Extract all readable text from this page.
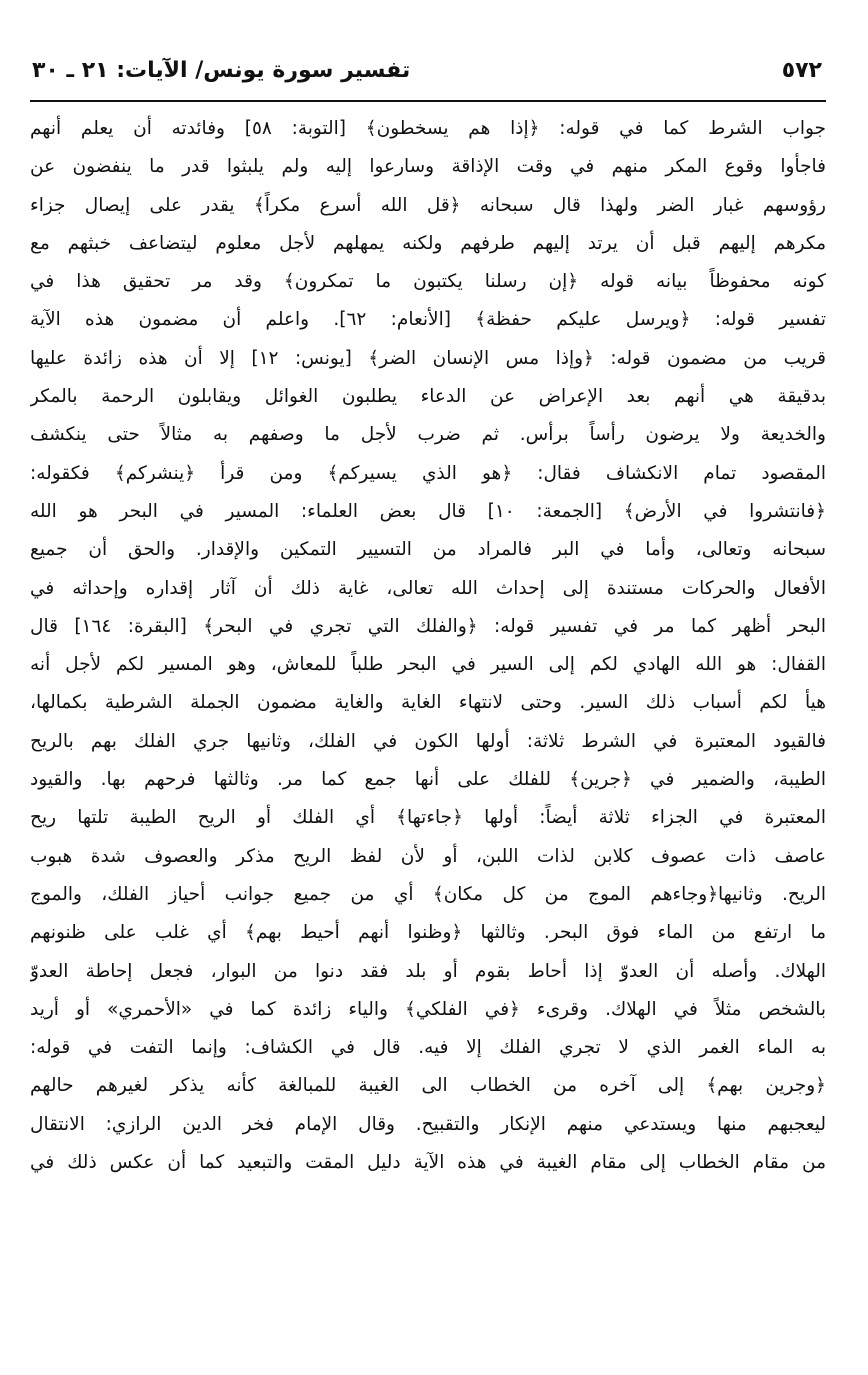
٥٧٢
تفسير سورة يونس/ الآيات: ٢١ ـ ٣٠
جواب الشرط كما في قوله: ﴿إذا هم يسخطون﴾ [التوبة: ٥٨] وفائدته أن يعلم أنهم
فاجأوا وقوع المكر منهم في وقت الإذاقة وسارعوا إليه ولم يلبثوا قدر ما ينفضون عن
رؤوسهم غبار الضر ولهذا قال سبحانه ﴿قل الله أسرع مكراً﴾ يقدر على إيصال جزاء
مكرهم إليهم قبل أن يرتد إليهم طرفهم ولكنه يمهلهم لأجل معلوم ليتضاعف خبثهم مع
كونه محفوظاً بيانه قوله ﴿إن رسلنا يكتبون ما تمكرون﴾ وقد مر تحقيق هذا في
تفسير قوله: ﴿ويرسل عليكم حفظة﴾ [الأنعام: ٦٢]. واعلم أن مضمون هذه الآية
قريب من مضمون قوله: ﴿وإذا مس الإنسان الضر﴾ [يونس: ١٢] إلا أن هذه زائدة عليها
بدقيقة هي أنهم بعد الإعراض عن الدعاء يطلبون الغوائل ويقابلون الرحمة بالمكر
والخديعة ولا يرضون رأساً برأس. ثم ضرب لأجل ما وصفهم به مثالاً حتى ينكشف
المقصود تمام الانكشاف فقال: ﴿هو الذي يسيركم﴾ ومن قرأ ﴿ينشركم﴾ فكقوله:
﴿فانتشروا في الأرض﴾ [الجمعة: ١٠] قال بعض العلماء: المسير في البحر هو الله
سبحانه وتعالى، وأما في البر فالمراد من التسيير التمكين والإقدار. والحق أن جميع
الأفعال والحركات مستندة إلى إحداث الله تعالى، غاية ذلك أن آثار إقداره وإحداثه في
البحر أظهر كما مر في تفسير قوله: ﴿والفلك التي تجري في البحر﴾ [البقرة: ١٦٤] قال
القفال: هو الله الهادي لكم إلى السير في البحر طلباً للمعاش، وهو المسير لكم لأجل أنه
هيأ لكم أسباب ذلك السير. وحتى لانتهاء الغاية والغاية مضمون الجملة الشرطية بكمالها،
فالقيود المعتبرة في الشرط ثلاثة: أولها الكون في الفلك، وثانيها جري الفلك بهم بالريح
الطيبة، والضمير في ﴿جرين﴾ للفلك على أنها جمع كما مر. وثالثها فرحهم بها. والقيود
المعتبرة في الجزاء ثلاثة أيضاً: أولها ﴿جاءتها﴾ أي الفلك أو الريح الطيبة تلتها ريح
عاصف ذات عصوف كلابن لذات اللبن، أو لأن لفظ الريح مذكر والعصوف شدة هبوب
الريح. وثانيها﴿وجاءهم الموج من كل مكان﴾ أي من جميع جوانب أحياز الفلك، والموج
ما ارتفع من الماء فوق البحر. وثالثها ﴿وظنوا أنهم أحيط بهم﴾ أي غلب على ظنونهم
الهلاك. وأصله أن العدوّ إذا أحاط بقوم أو بلد فقد دنوا من البوار، فجعل إحاطة العدوّ
بالشخص مثلاً في الهلاك. وقرىء ﴿في الفلكي﴾ والياء زائدة كما في «الأحمري» أو أريد
به الماء الغمر الذي لا تجري الفلك إلا فيه. قال في الكشاف: وإنما التفت في قوله:
﴿وجرين بهم﴾ إلى آخره من الخطاب الى الغيبة للمبالغة كأنه يذكر لغيرهم حالهم
ليعجبهم منها ويستدعي منهم الإنكار والتقبيح. وقال الإمام فخر الدين الرازي: الانتقال
من مقام الخطاب إلى مقام الغيبة في هذه الآية دليل المقت والتبعيد كما أن عكس ذلك في
